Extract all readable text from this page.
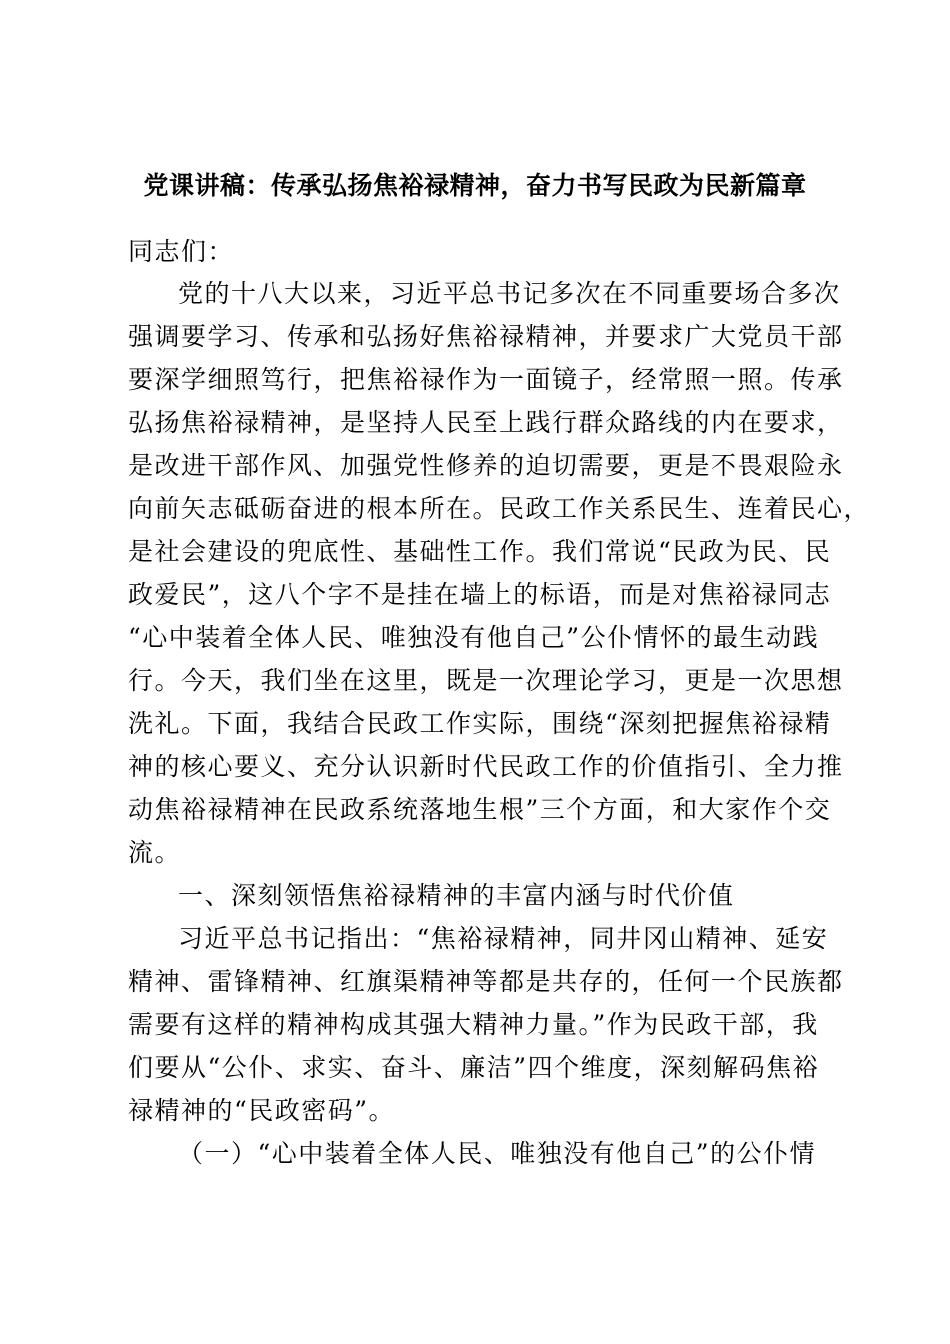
党课讲稿：传承弘扬焦裕禄精神，奋力书写民政为民新篇章
同志们：
党的十八大以来，习近平总书记多次在不同重要场合多次
强调要学习、传承和弘扬好焦裕禄精神，并要求广大党员干部
要深学细照笃行，把焦裕禄作为一面镜子，经常照一照。传承
弘扬焦裕禄精神，是坚持人民至上践行群众路线的内在要求，
是改进干部作风、加强党性修养的迫切需要，更是不畏艰险永
向前矢志砥砺奋进的根本所在。民政工作关系民生、连着民心，
是社会建设的兜底性、基础性工作。我们常说“民政为民、民
政爱民”，这八个字不是挂在墙上的标语，而是对焦裕禄同志
“心中装着全体人民、唯独没有他自己”公仆情怀的最生动践
行。今天，我们坐在这里，既是一次理论学习，更是一次思想
洗礼。下面，我结合民政工作实际，围绕“深刻把握焦裕禄精
神的核心要义、充分认识新时代民政工作的价值指引、全力推
动焦裕禄精神在民政系统落地生根”三个方面，和大家作个交
流。
一、深刻领悟焦裕禄精神的丰富内涵与时代价值
习近平总书记指出：“焦裕禄精神，同井冈山精神、延安
精神、雷锋精神、红旗渠精神等都是共存的，任何一个民族都
需要有这样的精神构成其强大精神力量。”作为民政干部，我
们要从“公仆、求实、奋斗、廉洁”四个维度，深刻解码焦裕
禄精神的“民政密码”。
（一）“心中装着全体人民、唯独没有他自己”的公仆情
